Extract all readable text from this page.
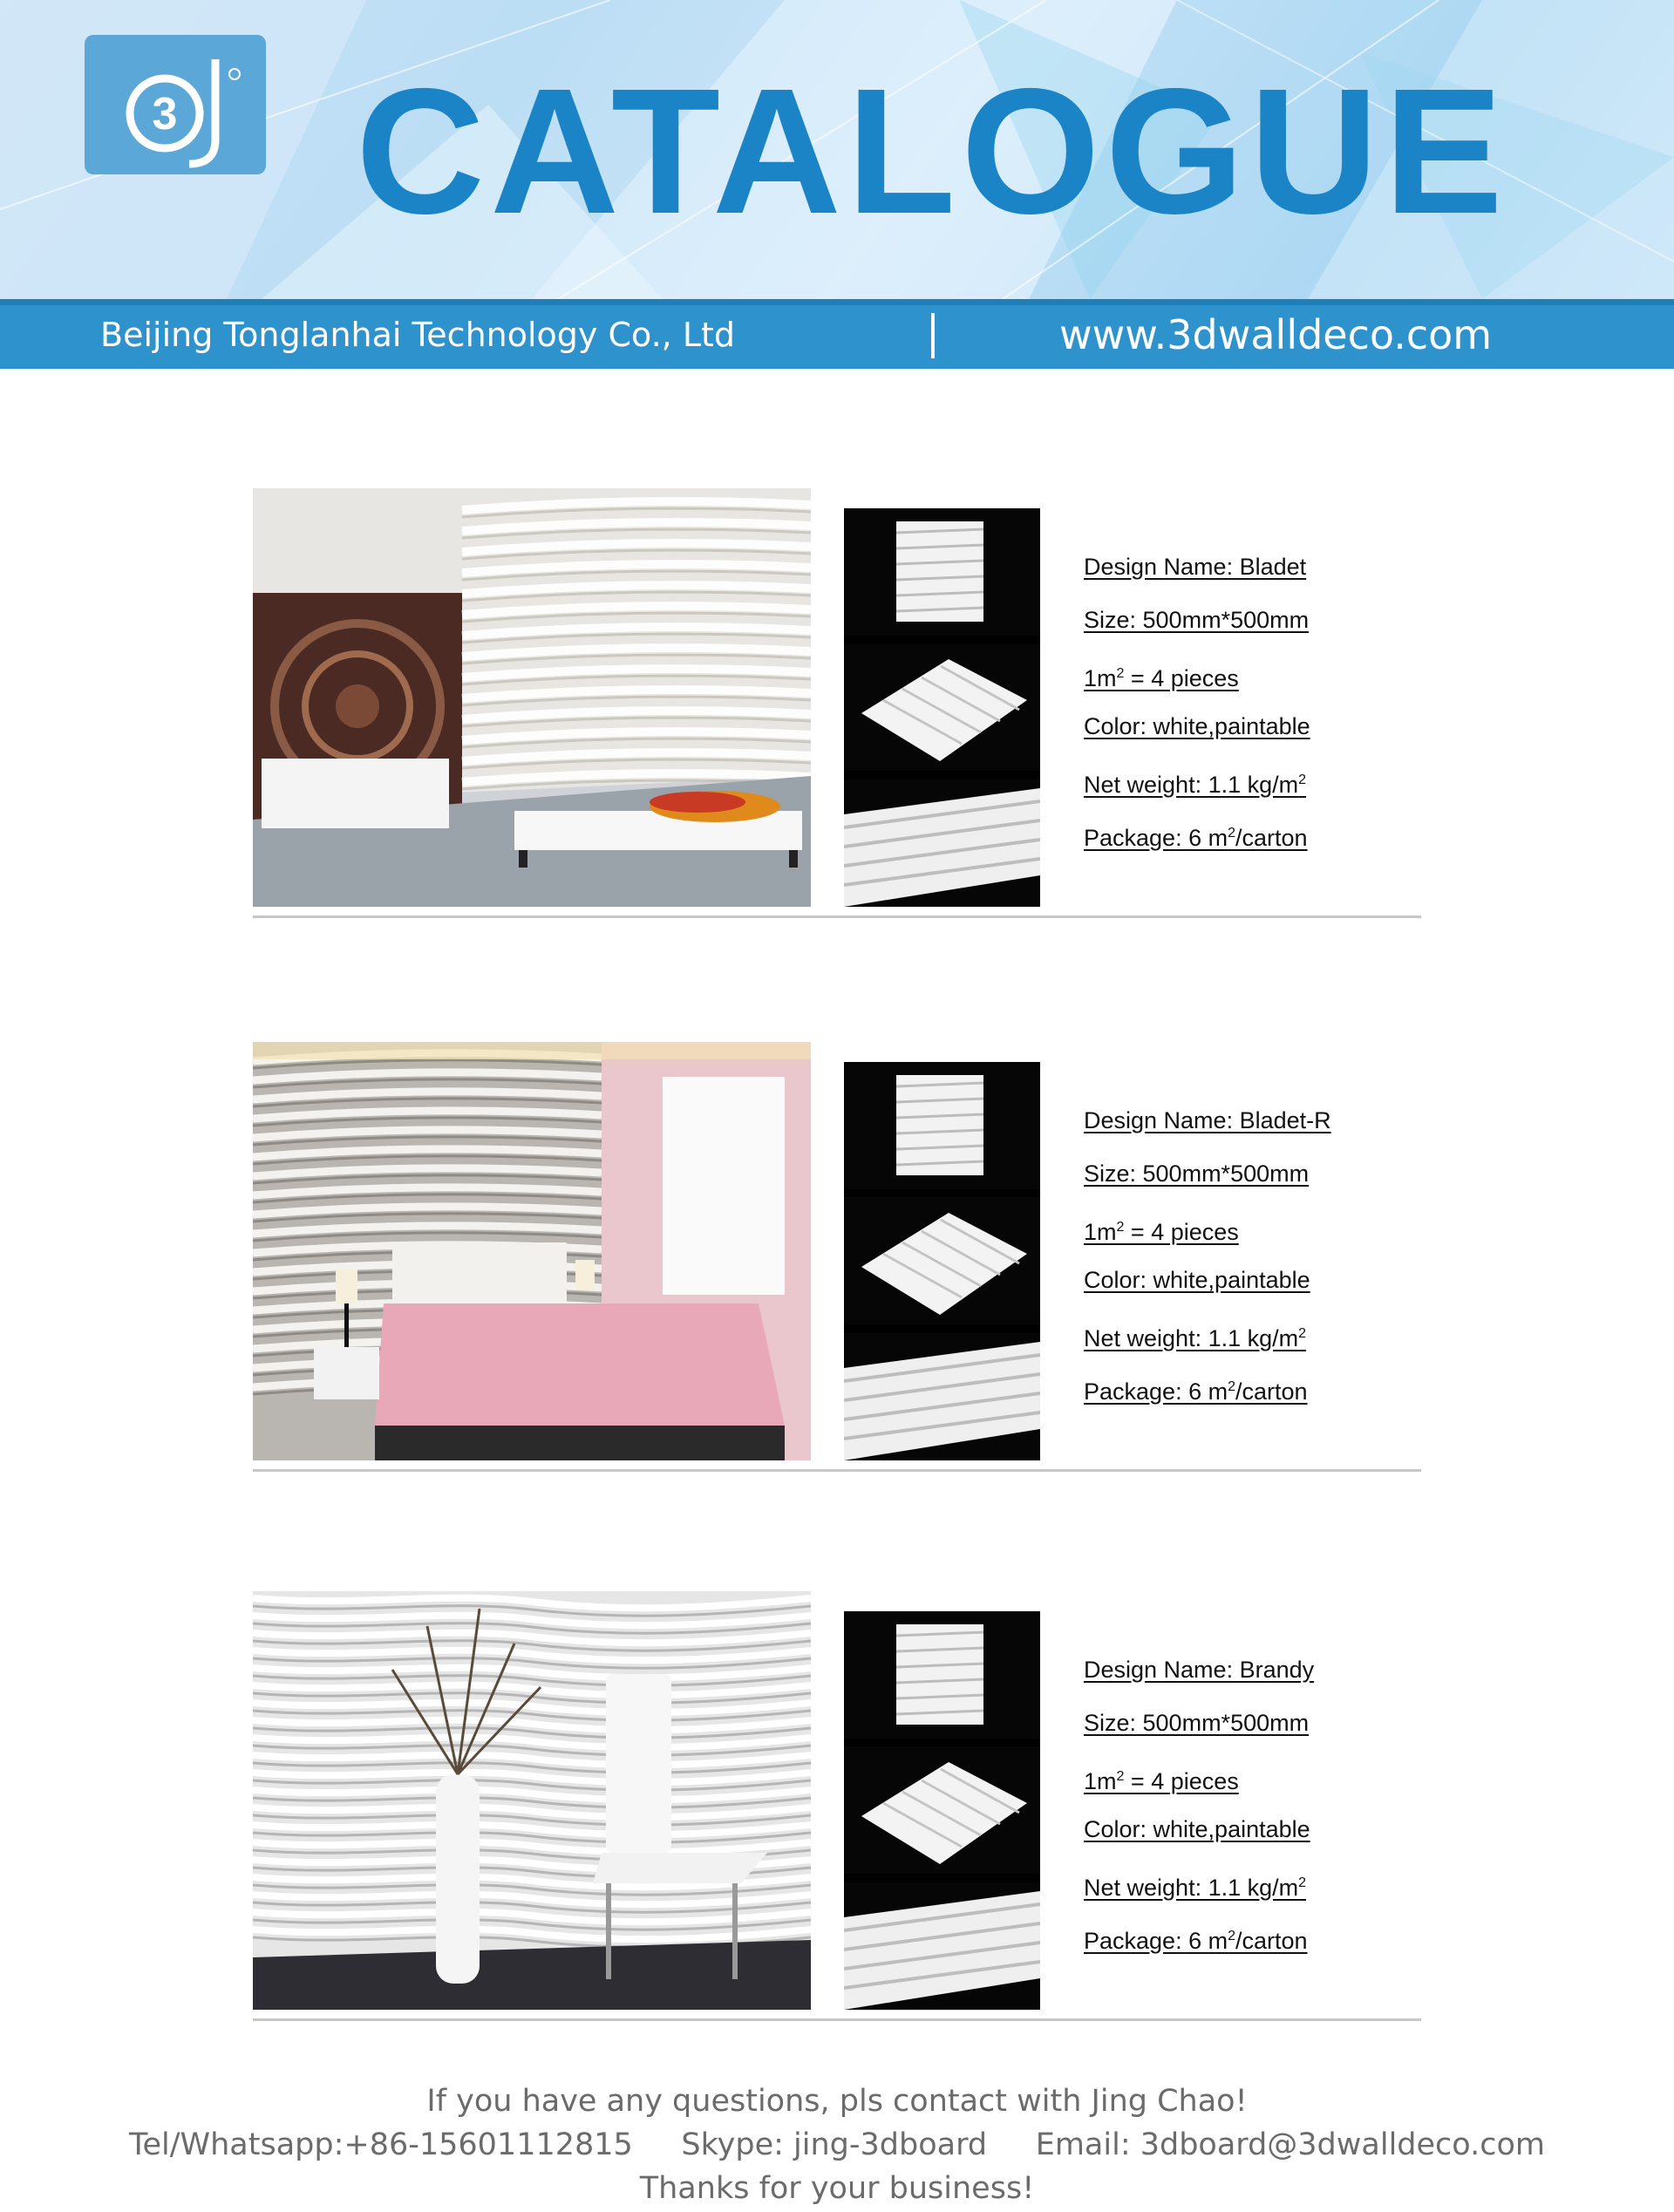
3 CATALOGUE
Beijing Tonglanhai Technology Co., Ltd	www.3dwalldeco.com
Design Name: Bladet
Size: 500mm*500mm
$1m^2 = 4$ pieces
Color: white,paintable
Net weight: 1.1 $kg/m^2$
Package: 6 $m^2$/carton
Design Name: Bladet-R
Size: 500mm*500mm
$1m^2 = 4$ pieces
Color: white,paintable
Net weight: 1.1 $kg/m^2$
Package: 6 $m^2$/carton
Design Name: Brandy
Size: 500mm*500mm
$1m^2 = 4$ pieces
Color: white,paintable
Net weight: 1.1 $kg/m^2$
Package: 6 $m^2$/carton
If you have any questions, pls contact with Jing Chao!
Tel/Whatsapp:+86-15601112815     Skype: jing-3dboard     Email: 3dboard@3dwalldeco.com
Thanks for your business!
